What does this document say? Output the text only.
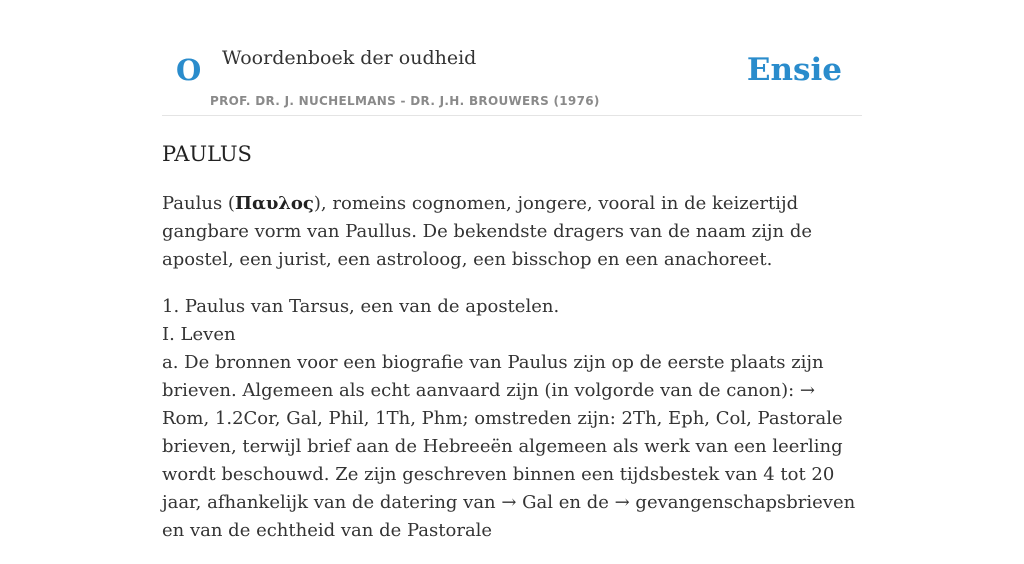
O Woordenboek der oudheid
PROF. DR. J. NUCHELMANS - DR. J.H. BROUWERS (1976)
Ensie
PAULUS

Paulus (Παυλος), romeins cognomen, jongere, vooral in de keizertijd gangbare vorm van Paullus. De bekendste dragers van de naam zijn de apostel, een jurist, een astroloog, een bisschop en een anachoreet.

1. Paulus van Tarsus, een van de apostelen.
I. Leven
a. De bronnen voor een biografie van Paulus zijn op de eerste plaats zijn brieven. Algemeen als echt aanvaard zijn (in volgorde van de canon): → Rom, 1.2Cor, Gal, Phil, 1Th, Phm; omstreden zijn: 2Th, Eph, Col, Pastorale brieven, terwijl brief aan de Hebreeën algemeen als werk van een leerling wordt beschouwd. Ze zijn geschreven binnen een tijdsbestek van 4 tot 20 jaar, afhankelijk van de datering van → Gal en de → gevangenschapsbrieven en van de echtheid van de Pastorale
